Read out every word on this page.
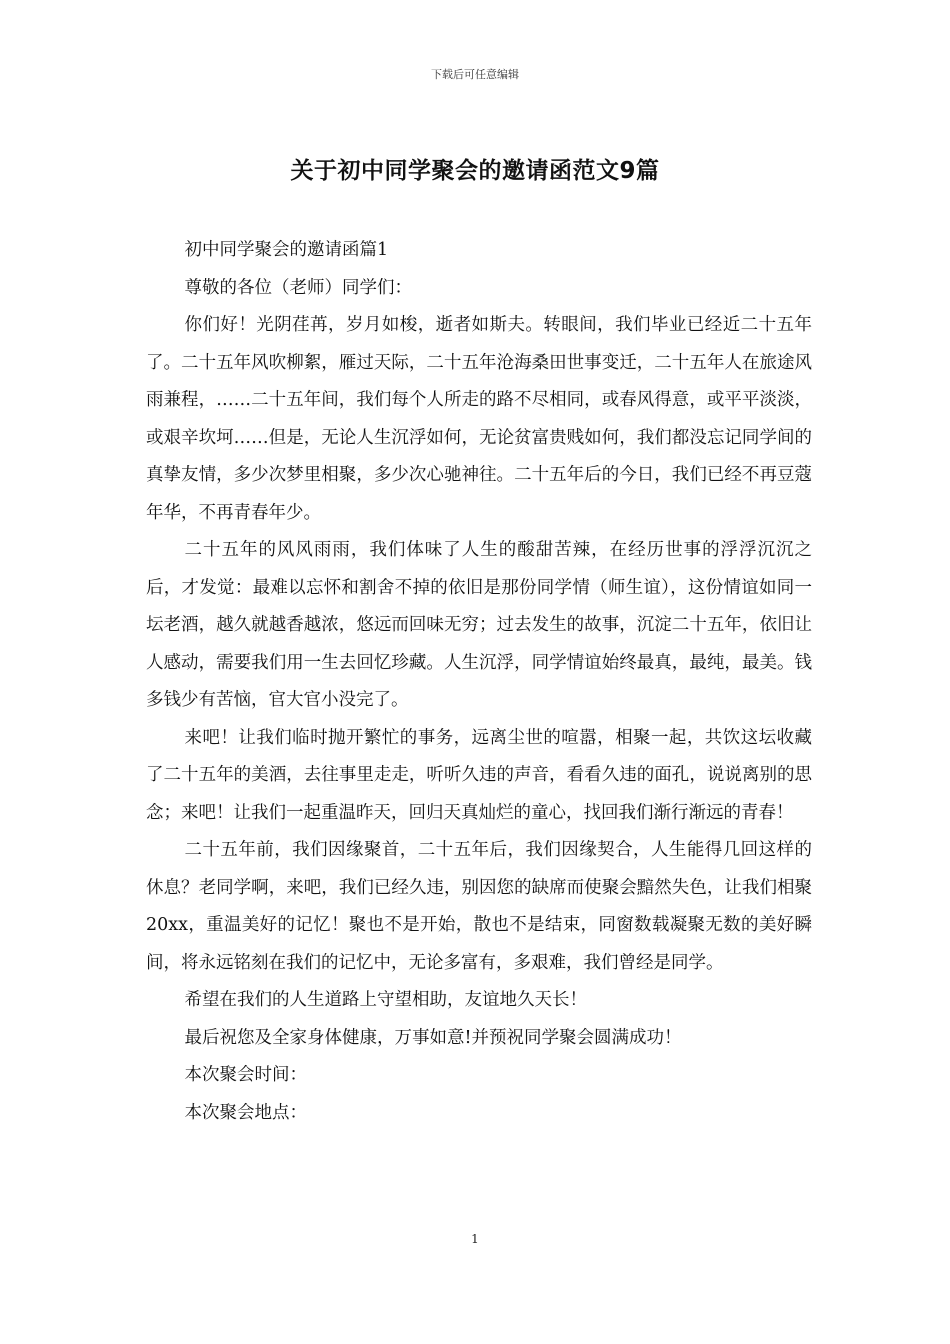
下载后可任意编辑
关于初中同学聚会的邀请函范文9篇

初中同学聚会的邀请函篇1

尊敬的各位（老师）同学们：

你们好！光阴荏苒，岁月如梭，逝者如斯夫。转眼间，我们毕业已经近二十五年了。二十五年风吹柳絮，雁过天际，二十五年沧海桑田世事变迁，二十五年人在旅途风雨兼程，……二十五年间，我们每个人所走的路不尽相同，或春风得意，或平平淡淡，或艰辛坎坷……但是，无论人生沉浮如何，无论贫富贵贱如何，我们都没忘记同学间的真挚友情，多少次梦里相聚，多少次心驰神往。二十五年后的今日，我们已经不再豆蔻年华，不再青春年少。

二十五年的风风雨雨，我们体味了人生的酸甜苦辣，在经历世事的浮浮沉沉之后，才发觉：最难以忘怀和割舍不掉的依旧是那份同学情（师生谊），这份情谊如同一坛老酒，越久就越香越浓，悠远而回味无穷；过去发生的故事，沉淀二十五年，依旧让人感动，需要我们用一生去回忆珍藏。人生沉浮，同学情谊始终最真，最纯，最美。钱多钱少有苦恼，官大官小没完了。

来吧！让我们临时抛开繁忙的事务，远离尘世的喧嚣，相聚一起，共饮这坛收藏了二十五年的美酒，去往事里走走，听听久违的声音，看看久违的面孔，说说离别的思念；来吧！让我们一起重温昨天，回归天真灿烂的童心，找回我们渐行渐远的青春！

二十五年前，我们因缘聚首，二十五年后，我们因缘契合，人生能得几回这样的休息？老同学啊，来吧，我们已经久违，别因您的缺席而使聚会黯然失色，让我们相聚20xx，重温美好的记忆！聚也不是开始，散也不是结束，同窗数载凝聚无数的美好瞬间，将永远铭刻在我们的记忆中，无论多富有，多艰难，我们曾经是同学。

希望在我们的人生道路上守望相助，友谊地久天长！

最后祝您及全家身体健康，万事如意!并预祝同学聚会圆满成功！

本次聚会时间：

本次聚会地点：

1
